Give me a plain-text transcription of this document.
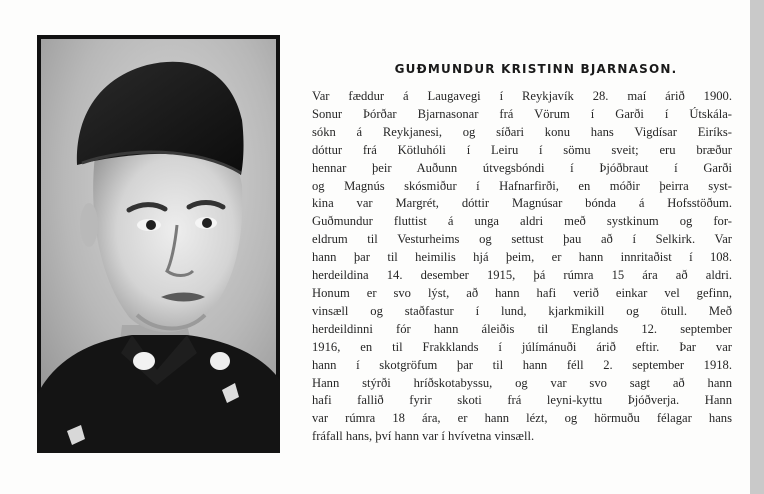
GUÐMUNDUR KRISTINN BJARNASON.
Var fæddur á Laugavegi í Reykjavík 28. maí árið 1900.
Sonur Þórðar Bjarnasonar frá Vörum í Garði í Útskála-
sókn á Reykjanesi, og síðari konu hans Vigdísar Eiríks-
dóttur frá Kötluhóli í Leiru í sömu sveit; eru bræður
hennar þeir Auðunn útvegsbóndi í Þjóðbraut í Garði
og Magnús skósmiður í Hafnarfirði, en móðir þeirra syst-
kina var Margrét, dóttir Magnúsar bónda á Hofsstöðum.
Guðmundur fluttist á unga aldri með systkinum og for-
eldrum til Vesturheims og settust þau að í Selkirk. Var
hann þar til heimilis hjá þeim, er hann innritaðist í 108.
herdeildina 14. desember 1915, þá rúmra 15 ára að aldri.
Honum er svo lýst, að hann hafi verið einkar vel gefinn,
vinsæll og staðfastur í lund, kjarkmikill og ötull. Með
herdeildinni fór hann áleiðis til Englands 12. september
1916, en til Frakklands í júlímánuði árið eftir. Þar var
hann í skotgröfum þar til hann féll 2. september 1918.
Hann stýrði hríðskotabyssu, og var svo sagt að hann
hafi fallið fyrir skoti frá leyni-kyttu Þjóðverja. Hann
var rúmra 18 ára, er hann lézt, og hörmuðu félagar hans
fráfall hans, því hann var í hvívetna vinsæll.
